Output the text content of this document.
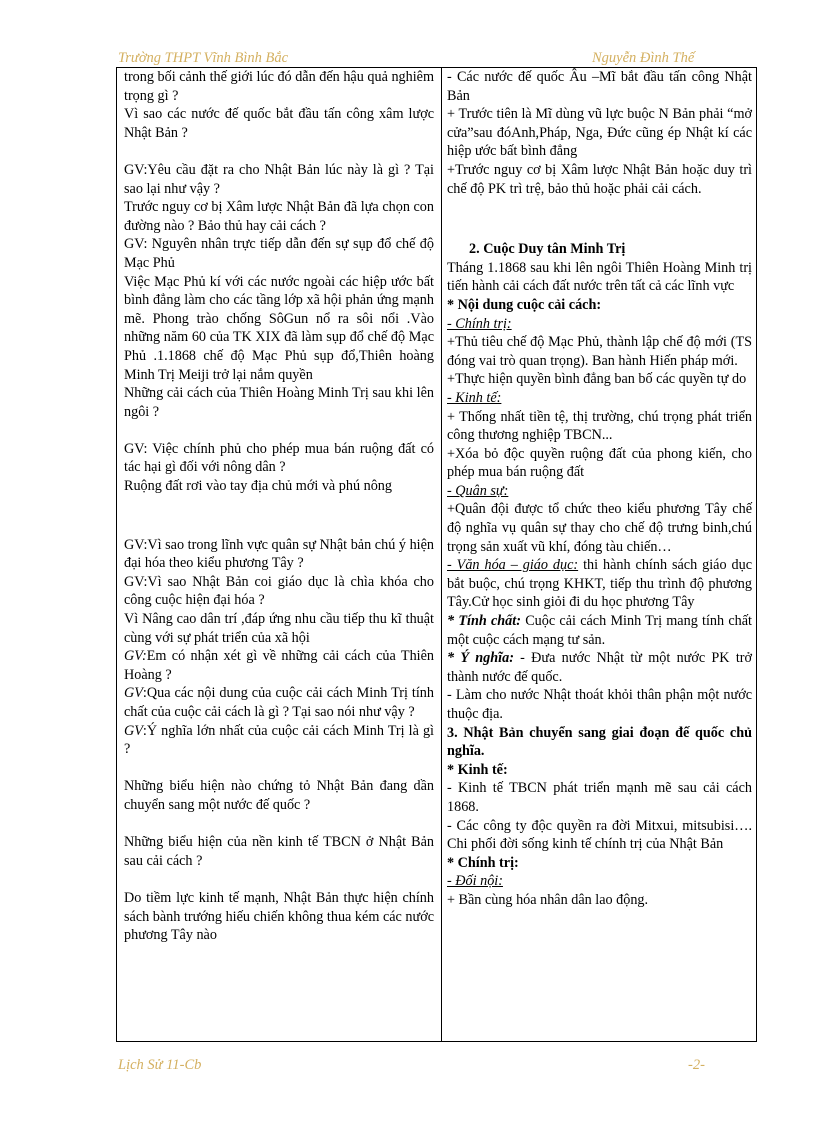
Trường THPT Vĩnh Bình Bắc	Nguyễn Đình Thế

trong bối cảnh thế giới lúc đó dẫn đến hậu quả nghiêm trọng gì ?

Vì sao các nước đế quốc bắt đầu tấn công xâm lược Nhật Bản ?

GV:Yêu cầu đặt ra cho Nhật Bản lúc này là gì ? Tại sao lại như vậy ?

Trước nguy cơ bị Xâm lược Nhật Bản đã lựa chọn con đường nào ? Bảo thủ hay cải cách ?

GV: Nguyên nhân trực tiếp dẫn đến sự sụp đổ chế độ Mạc Phủ

Việc Mạc Phủ kí với các nước ngoài các hiệp ước bất bình đẳng làm cho các tầng lớp xã hội phản ứng mạnh mẽ. Phong trào chống SôGun nổ ra sôi nổi .Vào những năm 60 của TK XIX đã làm sụp đổ chế độ Mạc Phủ .1.1868 chế độ Mạc Phủ sụp đổ,Thiên hoàng Minh Trị Meiji trở lại nắm quyền

Những cải cách của Thiên Hoàng Minh Trị sau khi lên ngôi ?

GV: Việc chính phủ cho phép mua bán ruộng đất có tác hại gì đối với nông dân ?

Ruộng đất rơi vào tay địa chủ mới và phú nông

GV:Vì sao trong lĩnh vực quân sự Nhật bản chú ý hiện đại hóa theo kiểu phương Tây ?

GV:Vì sao Nhật Bản coi giáo dục là chìa khóa cho công cuộc hiện đại hóa ?

Vì Nâng cao dân trí ,đáp ứng nhu cầu tiếp thu kĩ thuật cùng với sự phát triển của xã hội

GV:Em có nhận xét gì về những cải cách của Thiên Hoàng ?

GV:Qua các nội dung của cuộc cải cách Minh Trị tính chất của cuộc cải cách là gì ? Tại sao nói như vậy ?

GV:Ý nghĩa lớn nhất của cuộc cải cách Minh Trị là gì ?

Những biểu hiện nào chứng tỏ Nhật Bản đang dần chuyển sang một nước đế quốc ?

Những biểu hiện của nền kinh tế TBCN ở Nhật Bản sau cải cách ?

Do tiềm lực kinh tế mạnh, Nhật Bản thực hiện chính sách bành trướng hiếu chiến không thua kém các nước phương Tây nào

- Các nước đế quốc Âu –Mĩ bắt đầu tấn công Nhật Bản

+ Trước tiên là Mĩ dùng vũ lực buộc N Bản phải “mở cửa”sau đóAnh,Pháp, Nga, Đức cũng ép Nhật kí các hiệp ước bất bình đẳng

+Trước nguy cơ bị Xâm lược Nhật Bản hoặc duy trì chế độ PK trì trệ, bảo thủ hoặc phải cải cách.

2. Cuộc Duy tân Minh Trị

Tháng 1.1868 sau khi lên ngôi Thiên Hoàng Minh trị tiến hành cải cách đất nước trên tất cả các lĩnh vực

* Nội dung cuộc cải cách:

- Chính trị:

+Thủ tiêu chế độ Mạc Phủ, thành lập chế độ mới (TS đóng vai trò quan trọng). Ban hành Hiến pháp mới.

+Thực hiện quyền bình đẳng ban bố các quyền tự do

- Kinh tế:

+ Thống nhất tiền tệ, thị trường, chú trọng phát triển công thương nghiệp TBCN...

+Xóa bỏ độc quyền ruộng đất của phong kiến, cho phép mua bán ruộng đất

- Quân sự:

+Quân đội được tổ chức theo kiểu phương Tây chế độ nghĩa vụ quân sự thay cho chế độ trưng binh,chú trọng sản xuất vũ khí, đóng tàu chiến…

- Văn hóa – giáo dục: thi hành chính sách giáo dục bắt buộc, chú trọng KHKT, tiếp thu trình độ phương Tây.Cử học sinh giỏi đi du học phương Tây

* Tính chất: Cuộc cải cách Minh Trị mang tính chất một cuộc cách mạng tư sản.

* Ý nghĩa: - Đưa nước Nhật từ một nước PK trở thành nước đế quốc.

- Làm cho nước Nhật thoát khỏi thân phận một nước thuộc địa.

3. Nhật Bản chuyển sang giai đoạn đế quốc chủ nghĩa.

* Kinh tế:

- Kinh tế TBCN phát triển mạnh mẽ sau cải cách 1868.

- Các công ty độc quyền ra đời Mitxui, mitsubisi…. Chi phối đời sống kinh tế chính trị của Nhật Bản

* Chính trị:

- Đối nội:

+ Bần cùng hóa nhân dân lao động.

Lịch Sử 11-Cb	-2-
